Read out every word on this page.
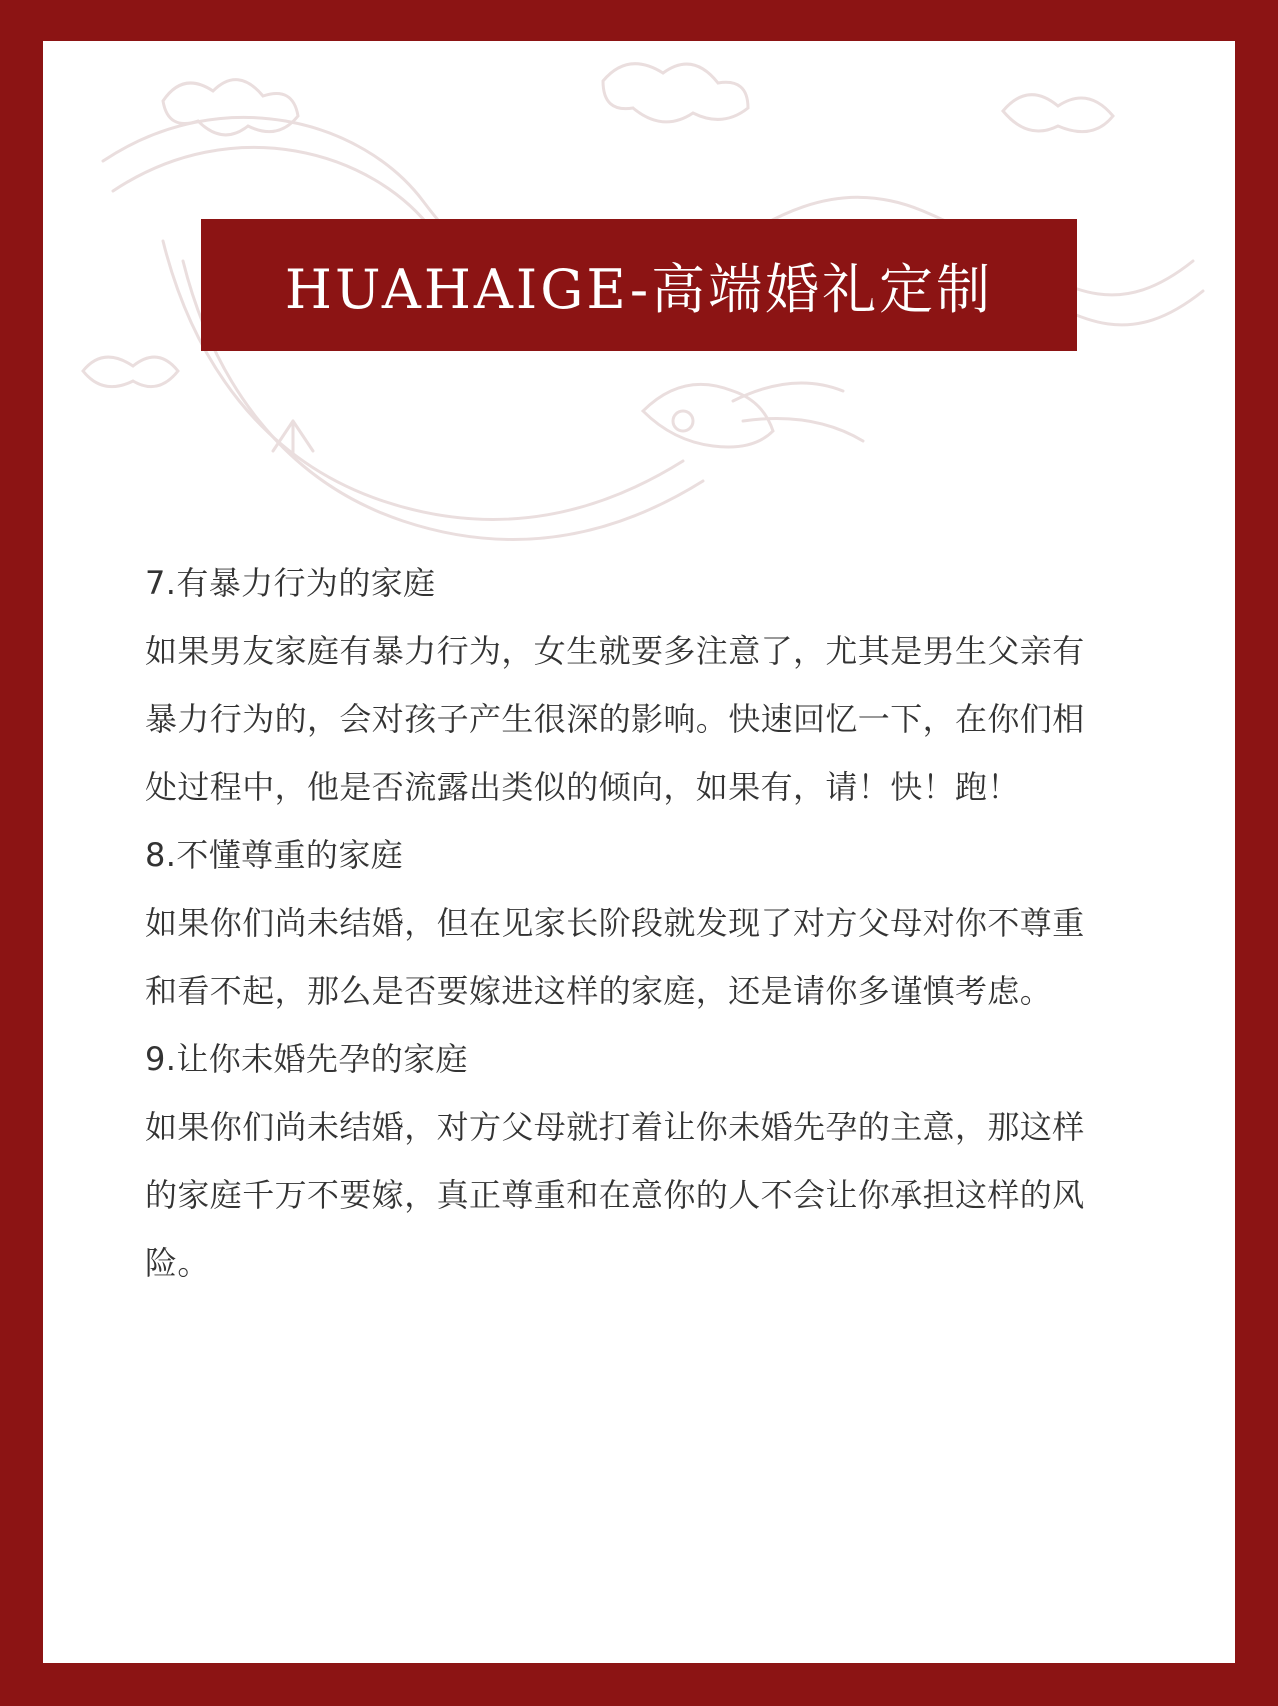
HUAHAIGE-高端婚礼定制
7.有暴力行为的家庭
如果男友家庭有暴力行为，女生就要多注意了，尤其是男生父亲有
暴力行为的，会对孩子产生很深的影响。快速回忆一下，在你们相
处过程中，他是否流露出类似的倾向，如果有，请！快！跑！
8.不懂尊重的家庭
如果你们尚未结婚，但在见家长阶段就发现了对方父母对你不尊重
和看不起，那么是否要嫁进这样的家庭，还是请你多谨慎考虑。
9.让你未婚先孕的家庭
如果你们尚未结婚，对方父母就打着让你未婚先孕的主意，那这样
的家庭千万不要嫁，真正尊重和在意你的人不会让你承担这样的风
险。
